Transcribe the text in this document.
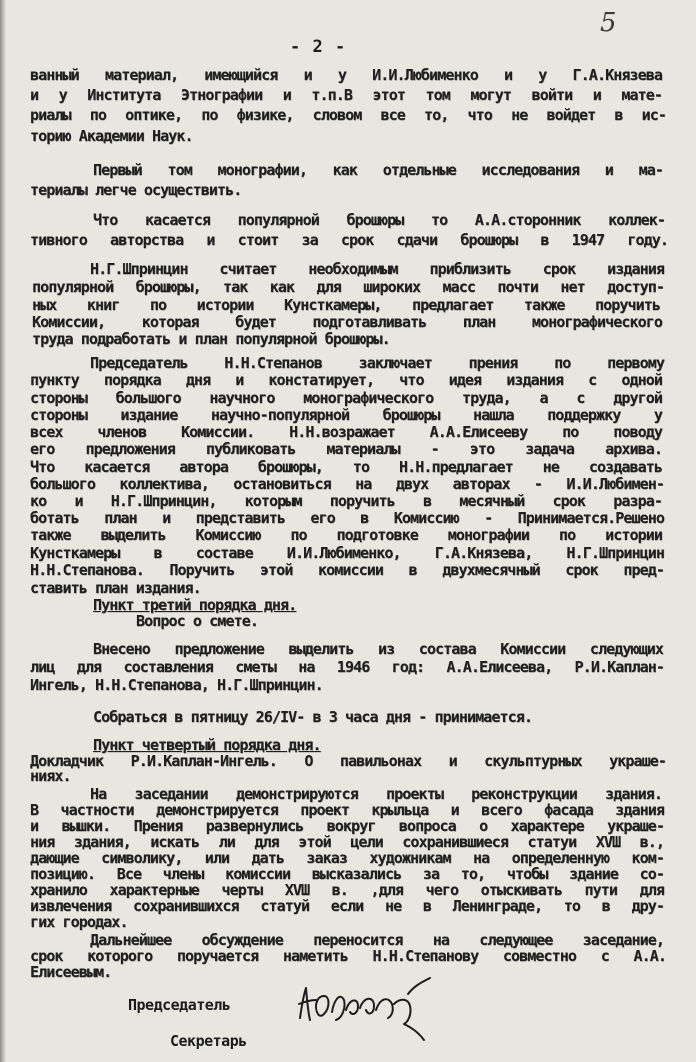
5
- 2 -
ванный материал, имеющийся и у И.И.Любименко и у Г.А.Князева
и у Института Этнографии и т.п.В этот том могут войти и мате-
риалы по оптике, по физике, словом все то, что не войдет в ис-
торию Академии Наук.
Первый том монографии, как отдельные исследования и ма-
териалы легче осуществить.
Что касается популярной брошюры то А.А.сторонник коллек-
тивного авторства и стоит за срок сдачи брошюры в 1947 году.
Н.Г.Шпринцин считает необходимым приблизить срок издания
популярной брошюры, так как для широких масс почти нет доступ-
ных книг по истории Кунсткамеры, предлагает также поручить
Комиссии, которая будет подготавливать план монографического
труда подработать и план популярной брошюры.
Председатель Н.Н.Степанов заключает прения по первому
пункту порядка дня и констатирует, что идея издания с одной
стороны большого научного монографического труда, а с другой
стороны издание научно-популярной брошюры нашла поддержку у
всех членов Комиссии. Н.Н.возражает А.А.Елисееву по поводу
его предложения публиковать материалы - это задача архива.
Что касается автора брошюры, то Н.Н.предлагает не создавать
большого коллектива, остановиться на двух авторах - И.И.Любимен-
ко и Н.Г.Шпринцин, которым поручить в месячный срок разра-
ботать план и представить его в Комиссию - Принимается.Решено
также выделить Комиссию по подготовке монографии по истории
Кунсткамеры в составе И.И.Любименко, Г.А.Князева, Н.Г.Шпринцин
Н.Н.Степанова. Поручить этой комиссии в двухмесячный срок пред-
ставить план издания.
Пункт третий порядка дня.
Вопрос о смете.
Внесено предложение выделить из состава Комиссии следующих
лиц для составления сметы на 1946 год: А.А.Елисеева, Р.И.Каплан-
Ингель, Н.Н.Степанова, Н.Г.Шпринцин.
Собраться в пятницу 26/IV- в 3 часа дня - принимается.
Пункт четвертый порядка дня.
Докладчик Р.И.Каплан-Ингель. О павильонах и скульптурных украше-
ниях.
На заседании демонстрируются проекты реконструкции здания.
В частности демонстрируется проект крыльца и всего фасада здания
и вышки. Прения развернулись вокруг вопроса о характере украше-
ния здания, искать ли для этой цели сохранившиеся статуи ХVШ в.,
дающие символику, или дать заказ художникам на определенную ком-
позицию. Все члены комиссии высказались за то, чтобы здание со-
хранило характерные черты ХVШ в. ,для чего отыскивать пути для
извлечения сохранившихся статуй если не в Ленинграде, то в дру-
гих городах.
Дальнейшее обсуждение переносится на следующее заседание,
срок которого поручается наметить Н.Н.Степанову совместно с А.А.
Елисеевым.
Председатель
Секретарь
